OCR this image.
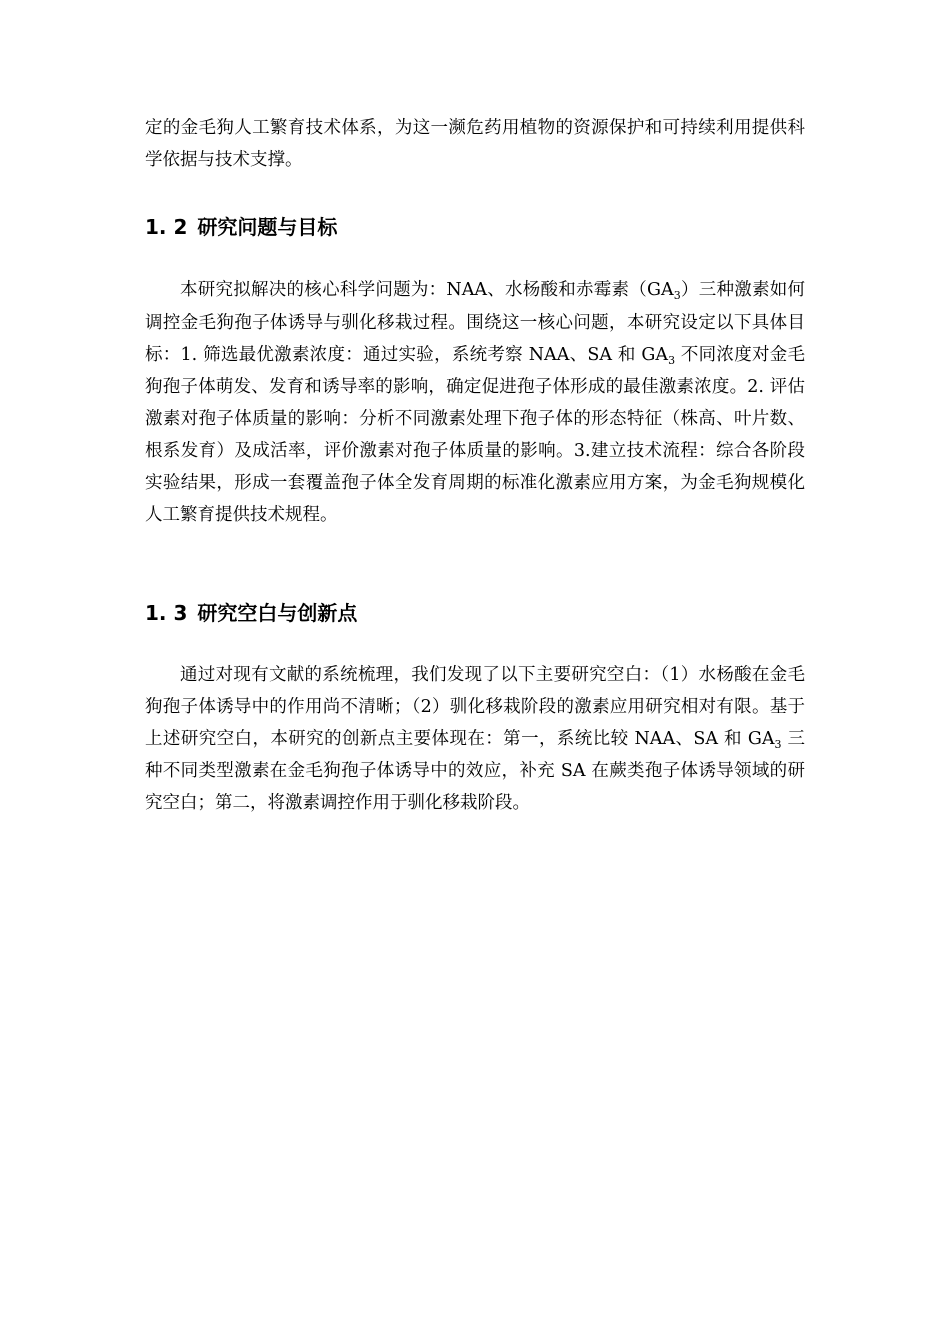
定的金毛狗人工繁育技术体系，为这一濒危药用植物的资源保护和可持续利用提供科学依据与技术支撑。

1. 2 研究问题与目标

本研究拟解决的核心科学问题为：NAA、水杨酸和赤霉素$(GA_3)$三种激素如何调控金毛狗孢子体诱导与驯化移栽过程。围绕这一核心问题，本研究设定以下具体目标：1. 筛选最优激素浓度：通过实验，系统考察 NAA、SA 和 $GA_3$ 不同浓度对金毛狗孢子体萌发、发育和诱导率的影响，确定促进孢子体形成的最佳激素浓度。2. 评估激素对孢子体质量的影响：分析不同激素处理下孢子体的形态特征（株高、叶片数、根系发育）及成活率，评价激素对孢子体质量的影响。3.建立技术流程：综合各阶段实验结果，形成一套覆盖孢子体全发育周期的标准化激素应用方案，为金毛狗规模化人工繁育提供技术规程。

1. 3 研究空白与创新点

通过对现有文献的系统梳理，我们发现了以下主要研究空白：（1）水杨酸在金毛狗孢子体诱导中的作用尚不清晰；（2）驯化移栽阶段的激素应用研究相对有限。基于上述研究空白，本研究的创新点主要体现在：第一，系统比较 NAA、SA 和 $GA_3$ 三种不同类型激素在金毛狗孢子体诱导中的效应，补充 SA 在蕨类孢子体诱导领域的研究空白；第二，将激素调控作用于驯化移栽阶段。
